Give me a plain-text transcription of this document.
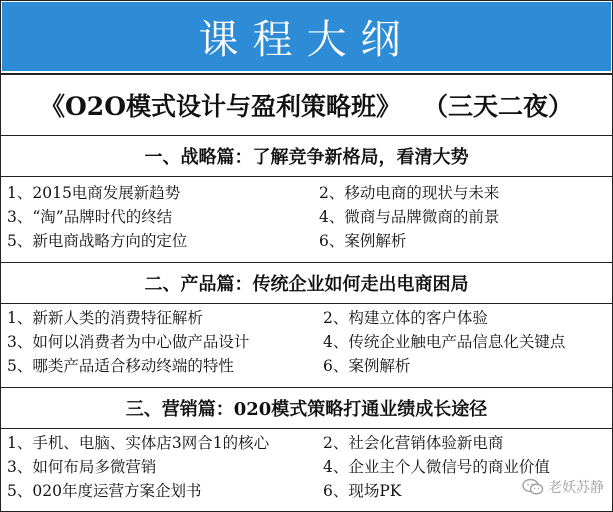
课程大纲
《O2O模式设计与盈利策略班》 （三天二夜）
一、战略篇：了解竞争新格局，看清大势
1、2015电商发展新趋势
3、“淘”品牌时代的终结
5、新电商战略方向的定位
2、移动电商的现状与未来
4、微商与品牌微商的前景
6、案例解析
二、产品篇：传统企业如何走出电商困局
1、新新人类的消费特征解析
3、如何以消费者为中心做产品设计
5、哪类产品适合移动终端的特性
2、构建立体的客户体验
4、传统企业触电产品信息化关键点
6、案例解析
三、营销篇：020模式策略打通业绩成长途径
1、手机、电脑、实体店3网合1的核心
3、如何布局多微营销
5、020年度运营方案企划书
2、社会化营销体验新电商
4、企业主个人微信号的商业价值
6、现场PK	老妖苏静
